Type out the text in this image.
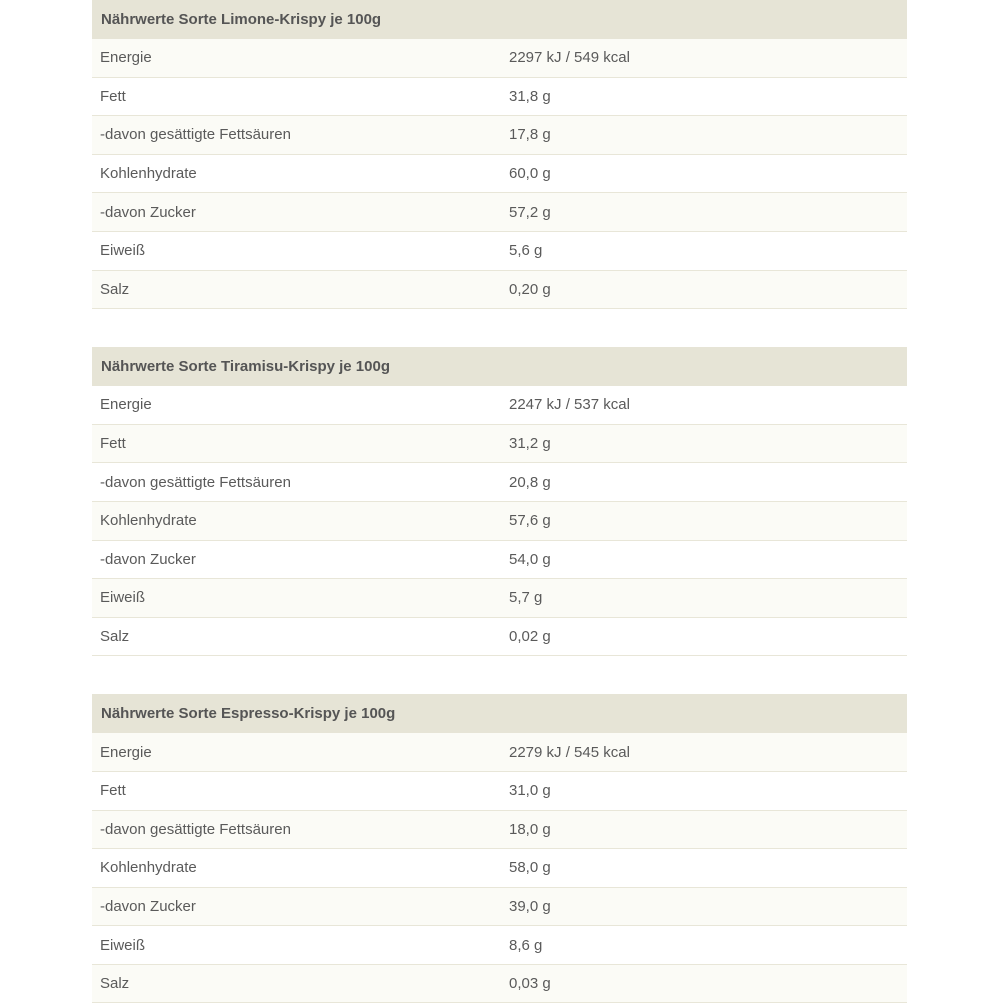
Nährwerte Sorte Limone-Krispy je 100g	
Energie	2297 kJ / 549 kcal
Fett	31,8 g
-davon gesättigte Fettsäuren	17,8 g
Kohlenhydrate	60,0 g
-davon Zucker	57,2 g
Eiweiß	5,6 g
Salz	0,20 g

Nährwerte Sorte Tiramisu-Krispy je 100g	
Energie	2247 kJ / 537 kcal
Fett	31,2 g
-davon gesättigte Fettsäuren	20,8 g
Kohlenhydrate	57,6 g
-davon Zucker	54,0 g
Eiweiß	5,7 g
Salz	0,02 g

Nährwerte Sorte Espresso-Krispy je 100g	
Energie	2279 kJ / 545 kcal
Fett	31,0 g
-davon gesättigte Fettsäuren	18,0 g
Kohlenhydrate	58,0 g
-davon Zucker	39,0 g
Eiweiß	8,6 g
Salz	0,03 g
